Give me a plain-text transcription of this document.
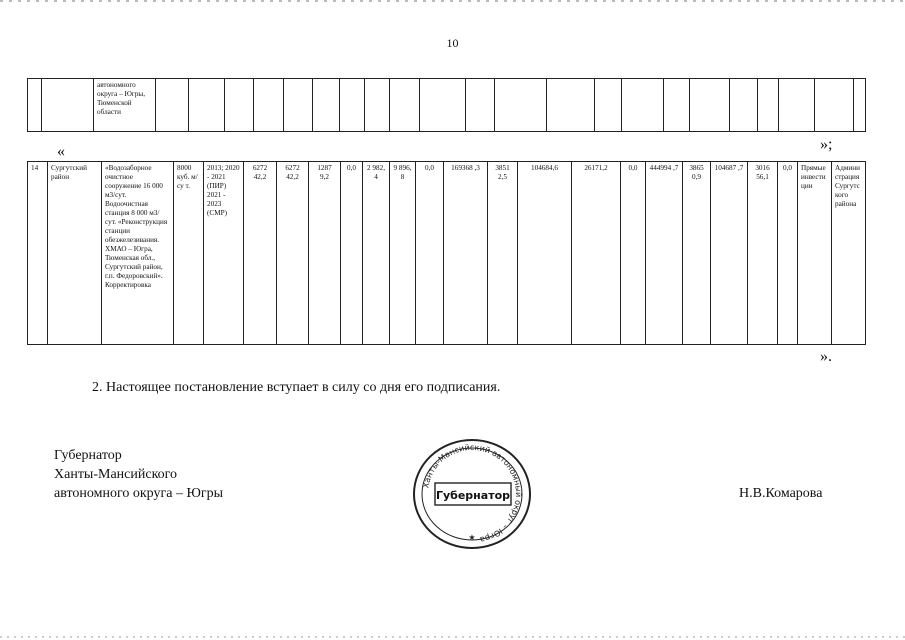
10
		автономного округа – Югры, Тюменской области																						
»;
«
14	Сургутский район	«Водозаборное очистное сооружение 16 000 м3/сут. Водоочистная станция 8 000 м3/сут. «Реконструкция станции обезжелезивания. ХМАО – Югра, Тюменская обл., Сургутский район, г.п. Федоровский». Корректировка	8000 куб. м/су т.	2013; 2020 - 2021 (ПИР) 2021 - 2023 (СМР)	6272 42,2	6272 42,2	1287 9,2	0,0	2 982, 4	9 896, 8	0,0	169368 ,3	3851 2,5	104684,6	26171,2	0,0	444994 ,7	3865 0,9	104687 ,7	3016 56,1	0,0	Прямые инвестиции	Администрация Сургутского района
».
2. Настоящее постановление вступает в силу со дня его подписания.
Губернатор
Ханты-Мансийского
автономного округа – Югры
Ханты-Мансийский автономный округ – Югра
Губернатор
★
Н.В.Комарова
